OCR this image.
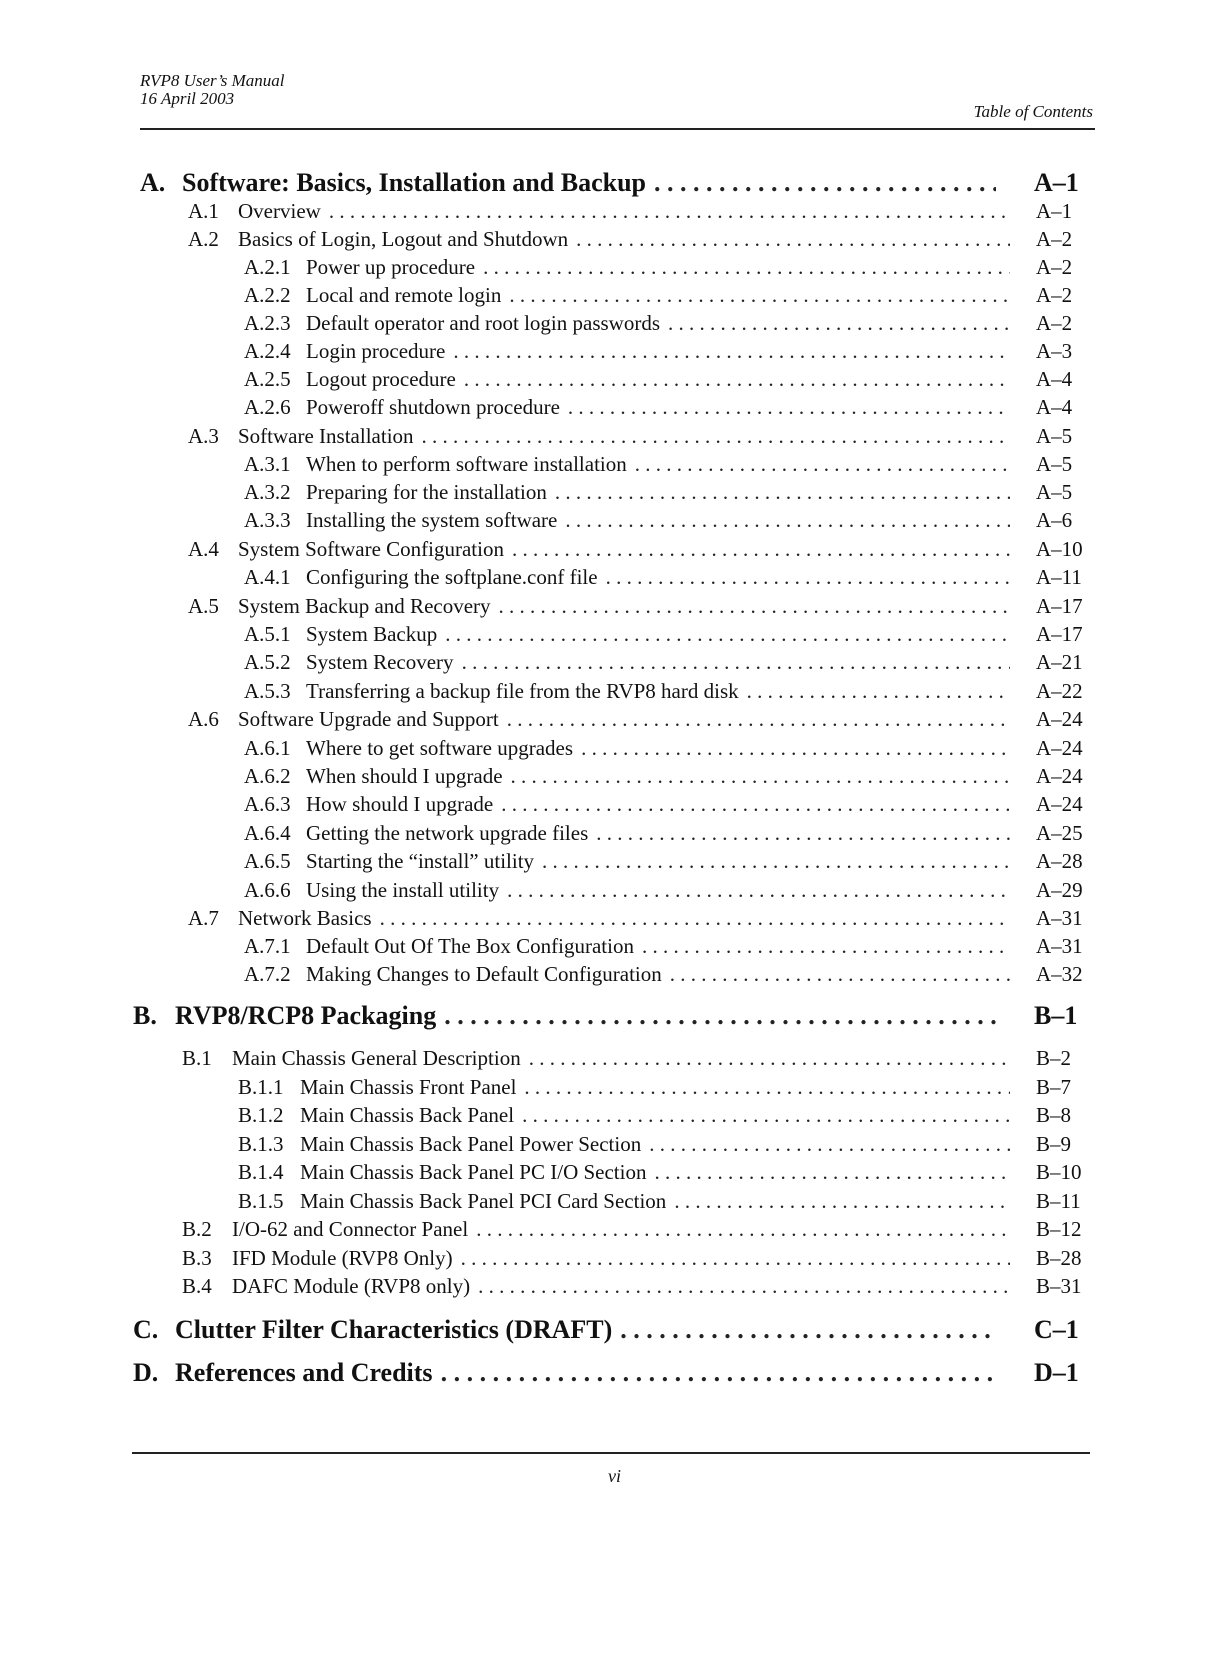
RVP8 User’s Manual
16 April 2003
Table of Contents
A. Software: Basics, Installation and Backup . . .	A–1
A.1 Overview . . .	A–1
A.2 Basics of Login, Logout and Shutdown . . .	A–2
A.2.1 Power up procedure . . .	A–2
A.2.2 Local and remote login . . .	A–2
A.2.3 Default operator and root login passwords . . .	A–2
A.2.4 Login procedure . . .	A–3
A.2.5 Logout procedure . . .	A–4
A.2.6 Poweroff shutdown procedure . . .	A–4
A.3 Software Installation . . .	A–5
A.3.1 When to perform software installation . . .	A–5
A.3.2 Preparing for the installation . . .	A–5
A.3.3 Installing the system software . . .	A–6
A.4 System Software Configuration . . .	A–10
A.4.1 Configuring the softplane.conf file . . .	A–11
A.5 System Backup and Recovery . . .	A–17
A.5.1 System Backup . . .	A–17
A.5.2 System Recovery . . .	A–21
A.5.3 Transferring a backup file from the RVP8 hard disk . . .	A–22
A.6 Software Upgrade and Support . . .	A–24
A.6.1 Where to get software upgrades . . .	A–24
A.6.2 When should I upgrade . . .	A–24
A.6.3 How should I upgrade . . .	A–24
A.6.4 Getting the network upgrade files . . .	A–25
A.6.5 Starting the “install” utility . . .	A–28
A.6.6 Using the install utility . . .	A–29
A.7 Network Basics . . .	A–31
A.7.1 Default Out Of The Box Configuration . . .	A–31
A.7.2 Making Changes to Default Configuration . . .	A–32
B. RVP8/RCP8 Packaging . . .	B–1
B.1 Main Chassis General Description . . .	B–2
B.1.1 Main Chassis Front Panel . . .	B–7
B.1.2 Main Chassis Back Panel . . .	B–8
B.1.3 Main Chassis Back Panel Power Section . . .	B–9
B.1.4 Main Chassis Back Panel PC I/O Section . . .	B–10
B.1.5 Main Chassis Back Panel PCI Card Section . . .	B–11
B.2 I/O-62 and Connector Panel . . .	B–12
B.3 IFD Module (RVP8 Only) . . .	B–28
B.4 DAFC Module (RVP8 only) . . .	B–31
C. Clutter Filter Characteristics (DRAFT) . . .	C–1
D. References and Credits . . .	D–1
vi
